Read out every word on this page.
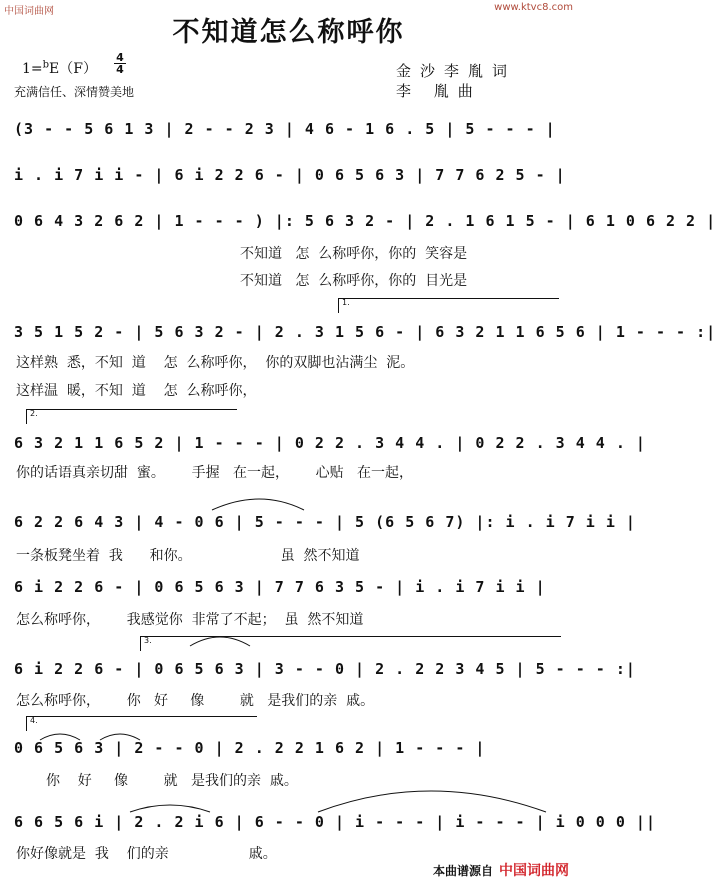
中国词曲网	www.ktvc8.com
不知道怎么称呼你
1=$^b$E（F）
4
4	金沙李胤词
李 胤曲
充满信任、深情赞美地
(3 - - 5 6 1 3 | 2 - - 2 3 | 4 6 - 1 6 . 5 | 5 - - - |
i . i 7 i i - | 6 i 2 2 6 - | 0 6 5 6 3 | 7 7 6 2 5 - |
0 6 4 3 2 6 2 | 1 - - - ) |: 5 6 3 2 - | 2 . 1 6 1 5 - | 6 1 0 6 2 2 |
3 5 1 5 2 - | 5 6 3 2 - | 2 . 3 1 5 6 - | 6 3 2 1 1 6 5 6 | 1 - - - :|
6 3 2 1 1 6 5 2 | 1 - - - | 0 2 2 . 3 4 4 . | 0 2 2 . 3 4 4 . |
6 2 2 6 4 3 | 4 - 0 6 | 5 - - - | 5 (6 5 6 7) |: i . i 7 i i |
6 i 2 2 6 - | 0 6 5 6 3 | 7 7 6 3 5 - | i . i 7 i i |
6 i 2 2 6 - | 0 6 5 6 3 | 3 - - 0 | 2 . 2 2 3 4 5 | 5 - - - :|
0 6 5 6 3 | 2 - - 0 | 2 . 2 2 1 6 2 | 1 - - - |
6 6 5 6 i | 2 . 2 i 6 | 6 - - 0 | i - - - | i - - - | i 0 0 0 ||
不知道   怎  么称呼你，你的  笑容是
不知道   怎  么称呼你，你的  目光是
这样熟  悉，不知  道    怎  么称呼你，  你的双脚也沾满尘  泥。
这样温  暖，不知  道    怎  么称呼你，
你的话语真亲切甜  蜜。      手握   在一起，      心贴   在一起，
一条板凳坐着  我      和你。                    虽  然不知道
怎么称呼你，      我感觉你  非常了不起；  虽  然不知道
怎么称呼你，      你   好     像        就   是我们的亲  戚。
你    好     像        就   是我们的亲  戚。
你好像就是  我    们的亲                  戚。
1.
2.
3.
4.
本曲谱源自 中国词曲网
